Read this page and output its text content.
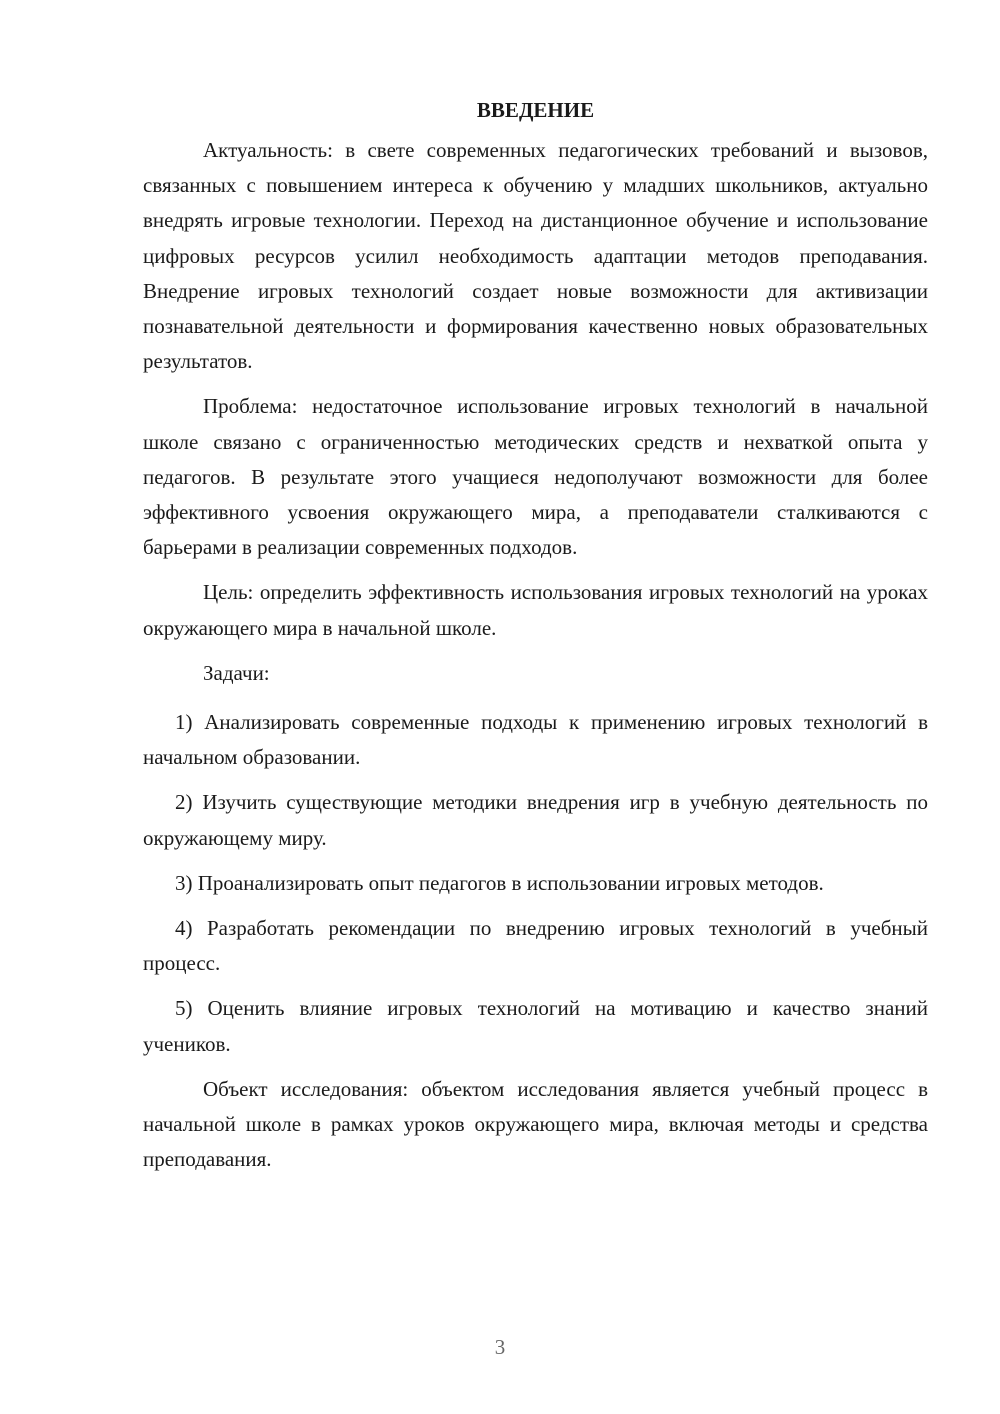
ВВЕДЕНИЕ

Актуальность: в свете современных педагогических требований и вызовов, связанных с повышением интереса к обучению у младших школьников, актуально внедрять игровые технологии. Переход на дистанционное обучение и использование цифровых ресурсов усилил необходимость адаптации методов преподавания. Внедрение игровых технологий создает новые возможности для активизации познавательной деятельности и формирования качественно новых образовательных результатов.

Проблема: недостаточное использование игровых технологий в начальной школе связано с ограниченностью методических средств и нехваткой опыта у педагогов. В результате этого учащиеся недополучают возможности для более эффективного усвоения окружающего мира, а преподаватели сталкиваются с барьерами в реализации современных подходов.

Цель: определить эффективность использования игровых технологий на уроках окружающего мира в начальной школе.

Задачи:

1) Анализировать современные подходы к применению игровых технологий в начальном образовании.

2) Изучить существующие методики внедрения игр в учебную деятельность по окружающему миру.

3) Проанализировать опыт педагогов в использовании игровых методов.

4) Разработать рекомендации по внедрению игровых технологий в учебный процесс.

5) Оценить влияние игровых технологий на мотивацию и качество знаний учеников.

Объект исследования: объектом исследования является учебный процесс в начальной школе в рамках уроков окружающего мира, включая методы и средства преподавания.

3
